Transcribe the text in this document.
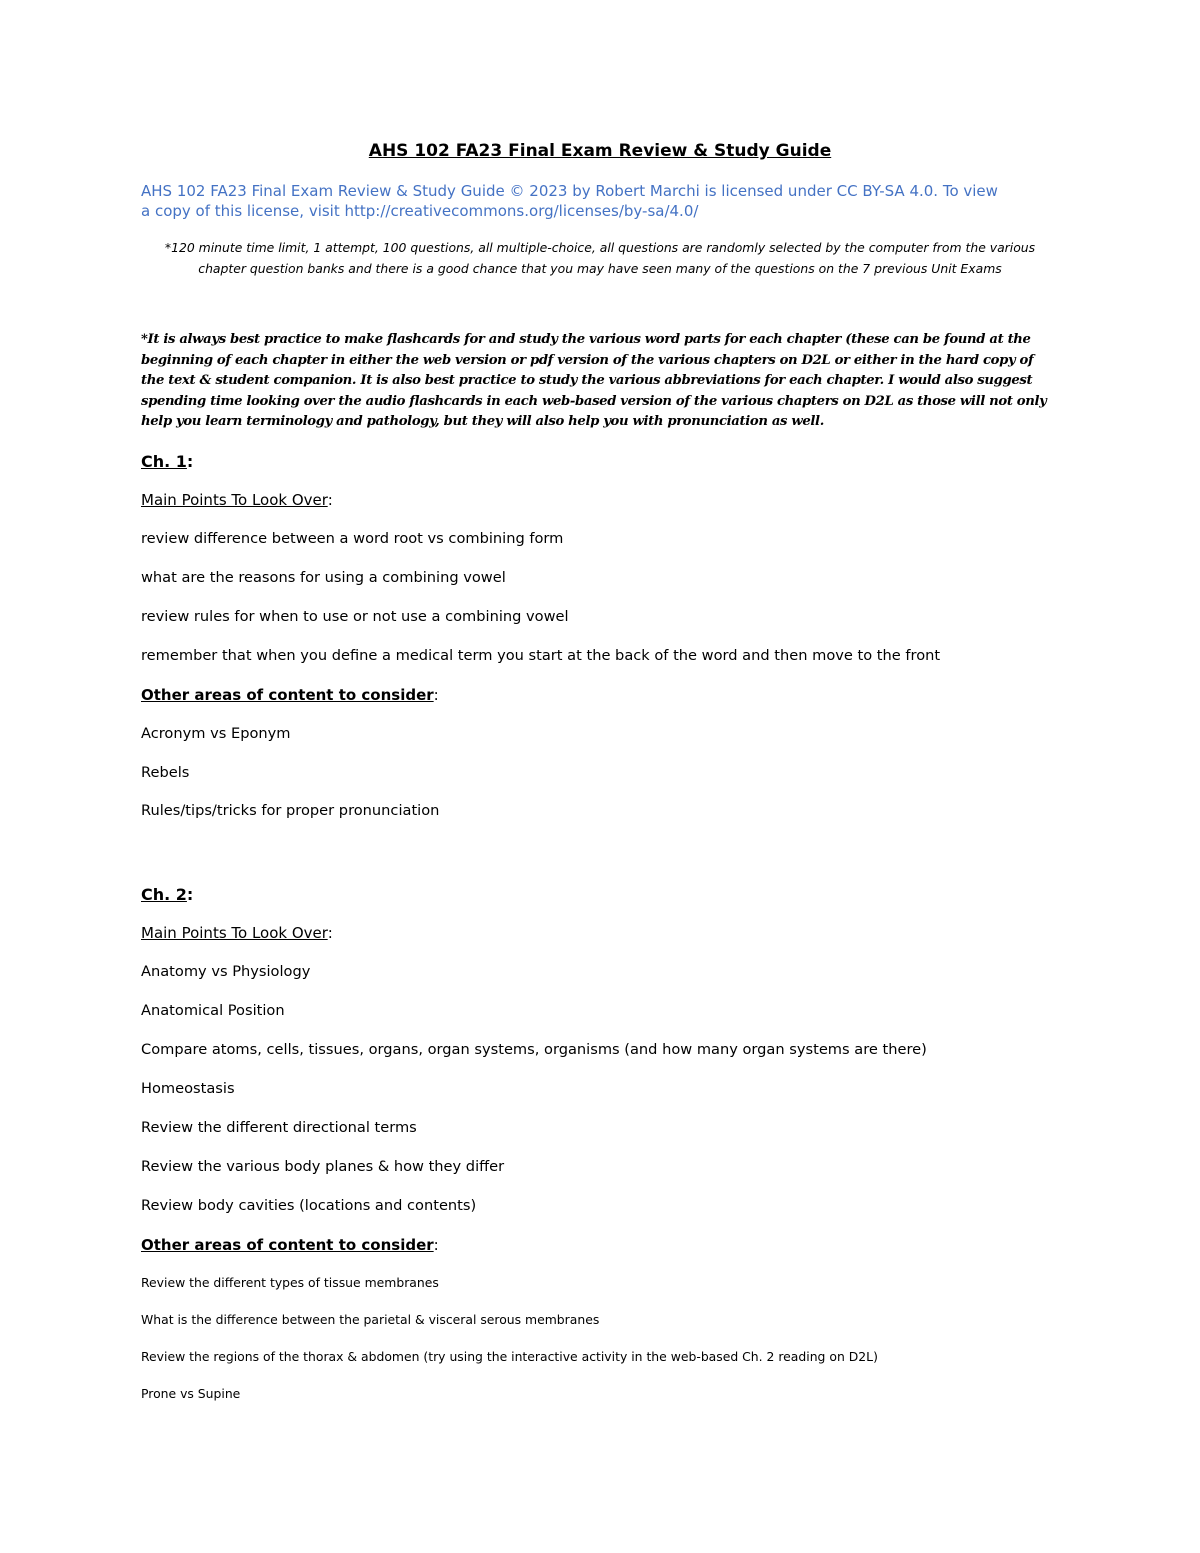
AHS 102 FA23 Final Exam Review & Study Guide
AHS 102 FA23 Final Exam Review & Study Guide © 2023 by Robert Marchi is licensed under CC BY-SA 4.0. To view
a copy of this license, visit http://creativecommons.org/licenses/by-sa/4.0/
*120 minute time limit, 1 attempt, 100 questions, all multiple-choice, all questions are randomly selected by the computer from the various
chapter question banks and there is a good chance that you may have seen many of the questions on the 7 previous Unit Exams
*It is always best practice to make flashcards for and study the various word parts for each chapter (these can be found at the beginning of each chapter in either the web version or pdf version of the various chapters on D2L or either in the hard copy of the text & student companion. It is also best practice to study the various abbreviations for each chapter. I would also suggest spending time looking over the audio flashcards in each web-based version of the various chapters on D2L as those will not only help you learn terminology and pathology, but they will also help you with pronunciation as well.
Ch. 1:
Main Points To Look Over:
review difference between a word root vs combining form
what are the reasons for using a combining vowel
review rules for when to use or not use a combining vowel
remember that when you define a medical term you start at the back of the word and then move to the front
Other areas of content to consider:
Acronym vs Eponym
Rebels
Rules/tips/tricks for proper pronunciation
Ch. 2:
Main Points To Look Over:
Anatomy vs Physiology
Anatomical Position
Compare atoms, cells, tissues, organs, organ systems, organisms (and how many organ systems are there)
Homeostasis
Review the different directional terms
Review the various body planes & how they differ
Review body cavities (locations and contents)
Other areas of content to consider:
Review the different types of tissue membranes
What is the difference between the parietal & visceral serous membranes
Review the regions of the thorax & abdomen (try using the interactive activity in the web-based Ch. 2 reading on D2L)
Prone vs Supine
